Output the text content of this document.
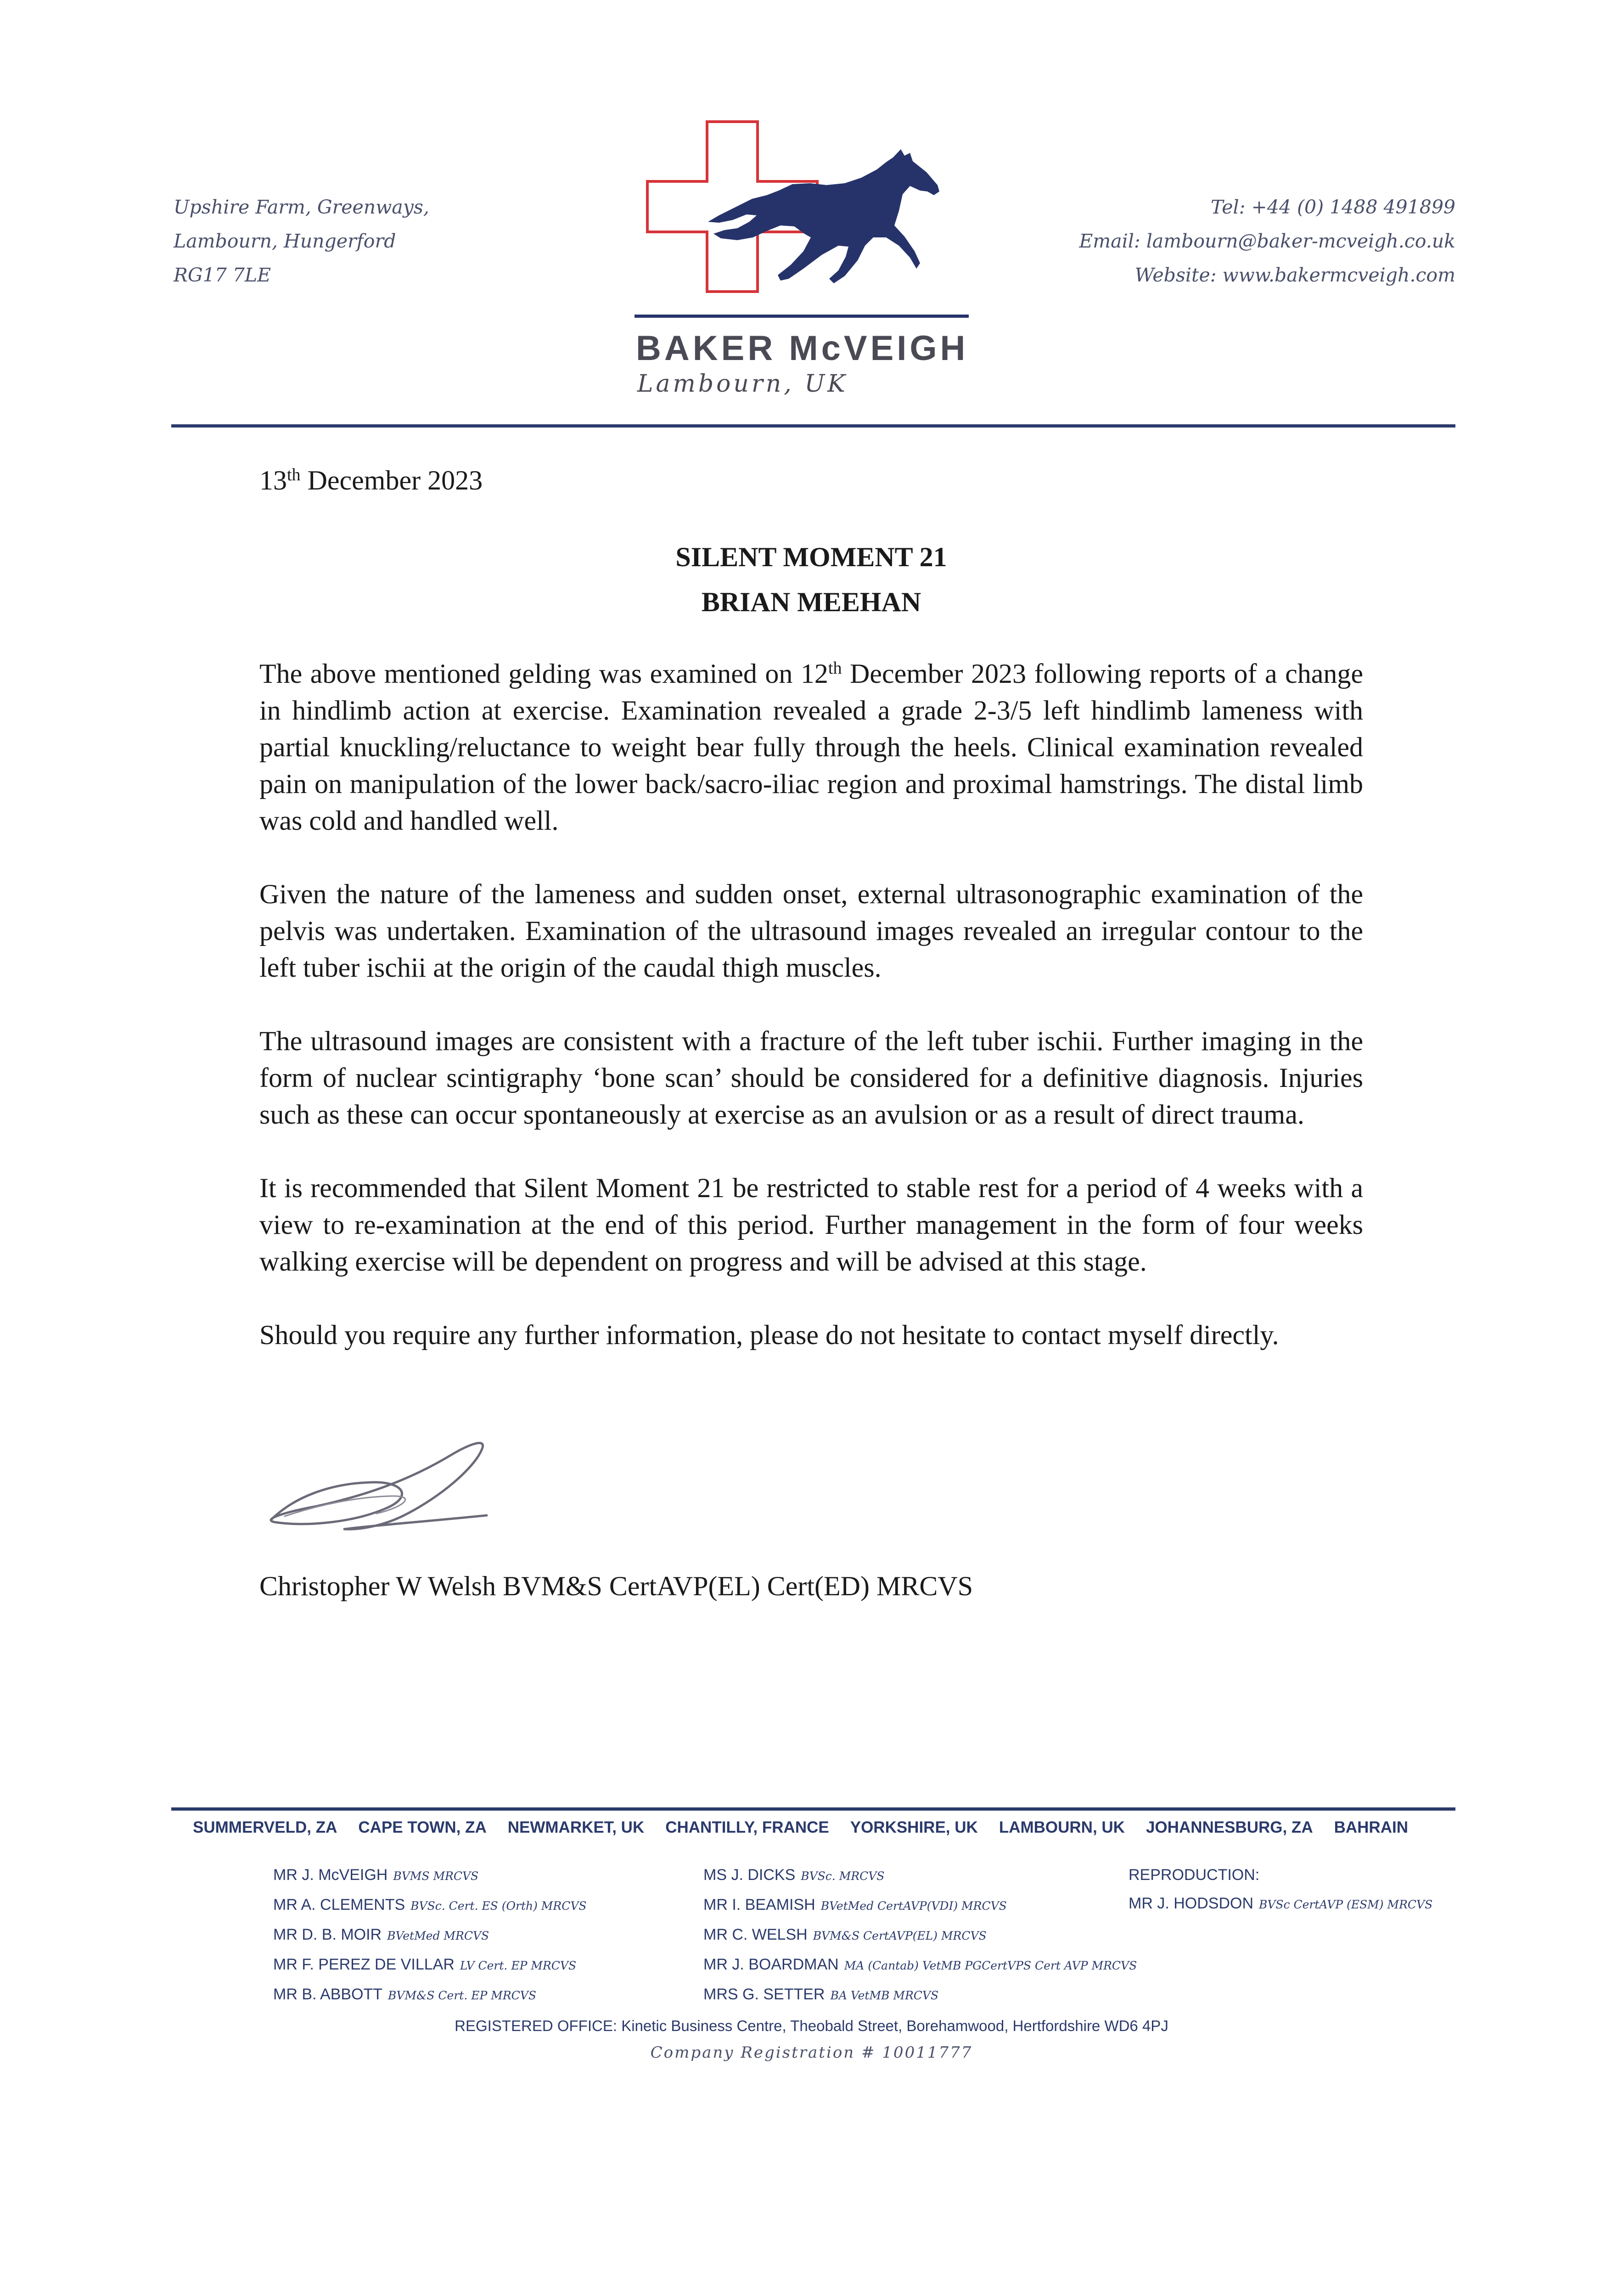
Upshire Farm, Greenways,
Lambourn, Hungerford
RG17 7LE
BAKER McVEIGH
Lambourn, UK
Tel: +44 (0) 1488 491899
Email: lambourn@baker-mcveigh.co.uk
Website: www.bakermcveigh.com
13th December 2023
SILENT MOMENT 21
BRIAN MEEHAN

The above mentioned gelding was examined on 12th December 2023 following reports of a change in hindlimb action at exercise. Examination revealed a grade 2-3/5 left hindlimb lameness with partial knuckling/reluctance to weight bear fully through the heels. Clinical examination revealed pain on manipulation of the lower back/sacro-iliac region and proximal hamstrings. The distal limb was cold and handled well.

Given the nature of the lameness and sudden onset, external ultrasonographic examination of the pelvis was undertaken. Examination of the ultrasound images revealed an irregular contour to the left tuber ischii at the origin of the caudal thigh muscles.

The ultrasound images are consistent with a fracture of the left tuber ischii. Further imaging in the form of nuclear scintigraphy ‘bone scan’ should be considered for a definitive diagnosis. Injuries such as these can occur spontaneously at exercise as an avulsion or as a result of direct trauma.

It is recommended that Silent Moment 21 be restricted to stable rest for a period of 4 weeks with a view to re-examination at the end of this period. Further management in the form of four weeks walking exercise will be dependent on progress and will be advised at this stage.

Should you require any further information, please do not hesitate to contact myself directly.

Christopher W Welsh BVM&S CertAVP(EL) Cert(ED) MRCVS
SUMMERVELD, ZA CAPE TOWN, ZA NEWMARKET, UK CHANTILLY, FRANCE YORKSHIRE, UK LAMBOURN, UK JOHANNESBURG, ZA BAHRAIN
MR J. McVEIGH BVMS MRCVS
MR A. CLEMENTS BVSc. Cert. ES (Orth) MRCVS
MR D. B. MOIR BVetMed MRCVS
MR F. PEREZ DE VILLAR LV Cert. EP MRCVS
MR B. ABBOTT BVM&S Cert. EP MRCVS
MS J. DICKS BVSc. MRCVS
MR I. BEAMISH BVetMed CertAVP(VDI) MRCVS
MR C. WELSH BVM&S CertAVP(EL) MRCVS
MR J. BOARDMAN MA (Cantab) VetMB PGCertVPS Cert AVP MRCVS
MRS G. SETTER BA VetMB MRCVS
REPRODUCTION:
MR J. HODSDON BVSc CertAVP (ESM) MRCVS
REGISTERED OFFICE: Kinetic Business Centre, Theobald Street, Borehamwood, Hertfordshire WD6 4PJ
Company Registration # 10011777
